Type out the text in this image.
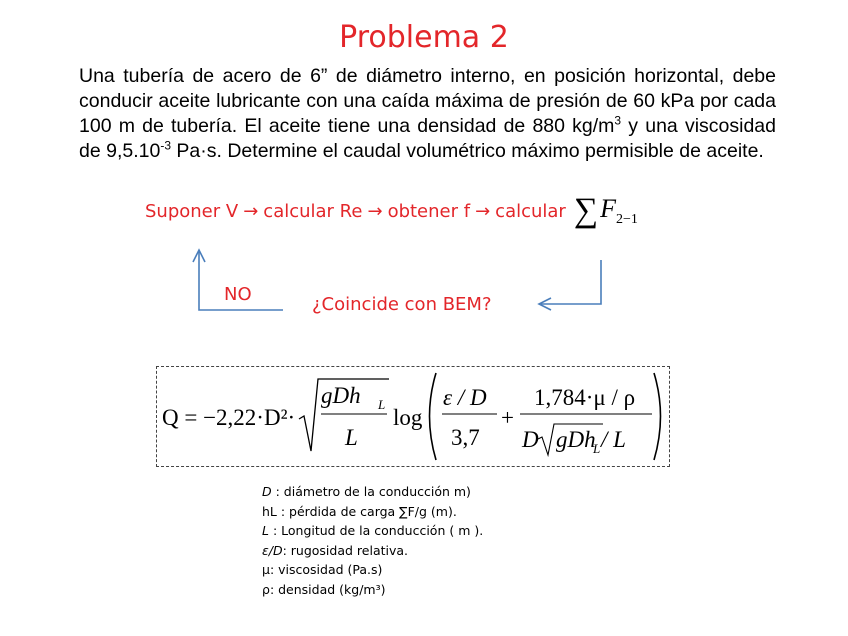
Problema 2
Una tubería de acero de 6” de diámetro interno, en posición horizontal, debe conducir aceite lubricante con una caída máxima de presión de 60 kPa por cada 100 m de tubería. El aceite tiene una densidad de 880 $kg/m^3$ y una viscosidad de $9,5.10^{-3}$ Pa·s. Determine el caudal volumétrico máximo permisible de aceite.
Suponer V → calcular Re → obtener f → calcular ∑ $F_{2-1}$
NO	¿Coincide con BEM?
Q = −2,22·D²·
gDh L
L
log
ε / D
3,7
+
1,784·μ / ρ
D gDh
L / L
D : diámetro de la conducción m)
hL : pérdida de carga ∑F/g (m).
L : Longitud de la conducción ( m ).
ε/D: rugosidad relativa.
μ: viscosidad (Pa.s)
ρ: densidad (kg/m³)
